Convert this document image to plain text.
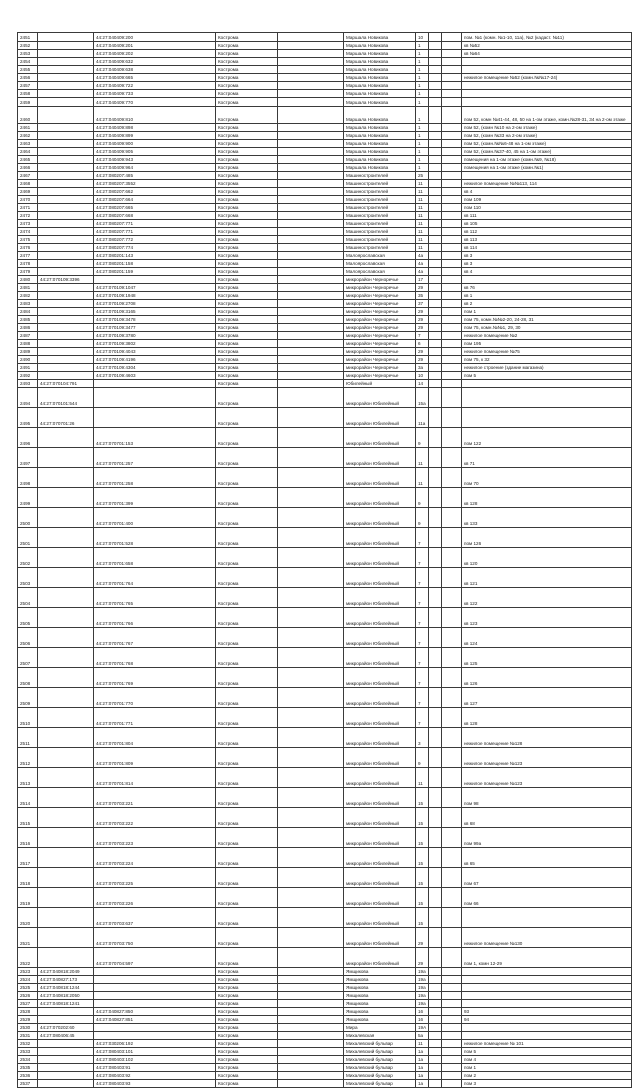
2451		44:27:040409:200	Кострома		Маршала Новикова	10			пом. №1 (комн. №1-10, 11а), №2 (кадаст. №11)
2452		44:27:040409:201	Кострома		Маршала Новикова	1			кв №52
2453		44:27:040409:202	Кострома		Маршала Новикова	1			кв №64
2454		44:27:040409:632	Кострома		Маршала Новикова	1			
2455		44:27:040409:638	Кострома		Маршала Новикова	1			
2456		44:27:040409:665	Кострома		Маршала Новикова	1			нежилое помещение №52 (комн.№№17-24)
2457		44:27:040409:722	Кострома		Маршала Новикова	1			
2458		44:27:040409:733	Кострома		Маршала Новикова	1			
2459		44:27:040409:770	Кострома		Маршала Новикова	1			
2460		44:27:040409:810	Кострома		Маршала Новикова	1			пом 52, комн №41-44, 48, 50 на 1-ом этаже, комн.№28-31, 34 на 2-ом этаже
2461		44:27:040409:898	Кострома		Маршала Новикова	1			пом 52, (комн №10 на 2-ом этаже)
2462		44:27:040409:899	Кострома		Маршала Новикова	1			пом 52, (комн №33 на 2-ом этаже)
2463		44:27:040409:900	Кострома		Маршала Новикова	1			пом 52, (комн.№№6-48 на 1-ом этаже)
2464		44:27:040409:905	Кострома		Маршала Новикова	1			пом 52, (комн.№37-40, 45 на 1-ом этаже)
2465		44:27:040409:943	Кострома		Маршала Новикова	1			помещения на 1-ом этаже (комн.№9, №18)
2466		44:27:040409:964	Кострома		Маршала Новикова	1			помещения на 1-ом этаже (комн.№1)
2467		44:27:080207:485	Кострома		Машиностроителей	25			
2468		44:27:080207:3552	Кострома		Машиностроителей	11			нежилое помещение №№113, 114
2469		44:27:080207:662	Кострома		Машиностроителей	11			кв 4
2470		44:27:080207:664	Кострома		Машиностроителей	11			пом 109
2471		44:27:080207:665	Кострома		Машиностроителей	11			пом 110
2472		44:27:080207:668	Кострома		Машиностроителей	11			кв 111
2473		44:27:080207:771	Кострома		Машиностроителей	11			кв 105
2474		44:27:080207:771	Кострома		Машиностроителей	11			кв 112
2475		44:27:080207:772	Кострома		Машиностроителей	11			кв 113
2476		44:27:080207:774	Кострома		Машиностроителей	11			кв 114
2477		44:27:080201:143	Кострома		Малоярославская	4а			кв 3
2478		44:27:080201:158	Кострома		Малоярославская	4а			кв 3
2479		44:27:080201:159	Кострома		Малоярославская	4а			кв 4
2480	44:27:070109:3396		Кострома		микрорайон Черноречье	17			
2481		44:27:070109:1047	Кострома		микрорайон Черноречье	29			кв 76
2482		44:27:070109:1948	Кострома		микрорайон Черноречье	35			кв 1
2483		44:27:070109:2708	Кострома		микрорайон Черноречье	37			кв 2
2484		44:27:070109:3165	Кострома		микрорайон Черноречье	29			пом 1
2485		44:27:070109:3478	Кострома		микрорайон Черноречье	29			пом 75, комн.№№2-20, 24-28, 31
2486		44:27:070109:3477	Кострома		микрорайон Черноречье	29			пом 75, комн.№№1, 29, 30
2487		44:27:070109:3780	Кострома		микрорайон Черноречье	7			нежилое помещение №2
2488		44:27:070109:3802	Кострома		микрорайон Черноречье	6			пом 195
2489		44:27:070109:4043	Кострома		микрорайон Черноречье	29			нежилое помещение №75
2490		44:27:070109:4196	Кострома		микрорайон Черноречье	29			пом 75, к 32
2491		44:27:070109:4304	Кострома		микрорайон Черноречье	3а			нежилое строение (здание магазина)
2492		44:27:070109:4603	Кострома		микрорайон Черноречье	10			пом 5
2493	44:27:070104:791		Кострома		Юбилейный	14			
2494	44:27:070101:544		Кострома		микрорайон Юбилейный	15а			
2495	44:27:070701:26		Кострома		микрорайон Юбилейный	11а			
2496		44:27:070701:153	Кострома		микрорайон Юбилейный	9			пом 122
2497		44:27:070701:257	Кострома		микрорайон Юбилейный	11			кв 71
2498		44:27:070701:258	Кострома		микрорайон Юбилейный	11			пом 70
2499		44:27:070701:399	Кострома		микрорайон Юбилейный	9			кв 128
2500		44:27:070701:400	Кострома		микрорайон Юбилейный	9			кв 133
2501		44:27:070701:528	Кострома		микрорайон Юбилейный	7			пом 126
2502		44:27:070701:658	Кострома		микрорайон Юбилейный	7			кв 120
2503		44:27:070701:764	Кострома		микрорайон Юбилейный	7			кв 121
2504		44:27:070701:765	Кострома		микрорайон Юбилейный	7			кв 122
2505		44:27:070701:766	Кострома		микрорайон Юбилейный	7			кв 123
2506		44:27:070701:767	Кострома		микрорайон Юбилейный	7			кв 124
2507		44:27:070701:768	Кострома		микрорайон Юбилейный	7			кв 125
2508		44:27:070701:769	Кострома		микрорайон Юбилейный	7			кв 126
2509		44:27:070701:770	Кострома		микрорайон Юбилейный	7			кв 127
2510		44:27:070701:771	Кострома		микрорайон Юбилейный	7			кв 128
2511		44:27:070701:804	Кострома		микрорайон Юбилейный	3			нежилое помещение №128
2512		44:27:070701:809	Кострома		микрорайон Юбилейный	9			нежилое помещение №123
2513		44:27:070701:814	Кострома		микрорайон Юбилейный	11			нежилое помещение №123
2514		44:27:070703:221	Кострома		микрорайон Юбилейный	15			пом 98
2515		44:27:070703:222	Кострома		микрорайон Юбилейный	15			кв 68
2516		44:27:070703:223	Кострома		микрорайон Юбилейный	15			пом 99а
2517		44:27:070703:224	Кострома		микрорайон Юбилейный	15			кв 65
2518		44:27:070703:225	Кострома		микрорайон Юбилейный	15			пом 67
2519		44:27:070703:226	Кострома		микрорайон Юбилейный	15			пом 66
2520		44:27:070703:637	Кострома		микрорайон Юбилейный	15			
2521		44:27:070703:750	Кострома		микрорайон Юбилейный	29			нежилое помещение №130
2522		44:27:070704:597	Кострома		микрорайон Юбилейный	29			пом 1, комн 12-29
2523	44:27:040818:2049		Кострома		Ямщикова	19а			
2524	44:27:040827:173		Кострома		Ямщикова	19а			
2525	44:27:040818:1244		Кострома		Ямщикова	19а			
2526	44:27:040818:2050		Кострома		Ямщикова	19а			
2527	44:27:040818:1241		Кострома		Ямщикова	19а			
2528		44:27:040827:850	Кострома		Ямщикова	16			93
2529		44:27:040827:851	Кострома		Ямщикова	16			94
2530	44:27:070202:60		Кострома		Мира	19А			
2531	44:27:080406:45		Кострома		Михалевская	5а			
2532		44:27:030206:192	Кострома		Михалевский бульвар	11			нежилое помещение № 101
2533		44:27:080403:101	Кострома		Михалевский бульвар	1а			пом 5
2534		44:27:080403:102	Кострома		Михалевский бульвар	1а			пом 4
2535		44:27:080403:91	Кострома		Михалевский бульвар	1а			пом 1
2536		44:27:080403:92	Кострома		Михалевский бульвар	1а			пом 2
2537		44:27:080403:93	Кострома		Михалевский бульвар	1а			пом 3
